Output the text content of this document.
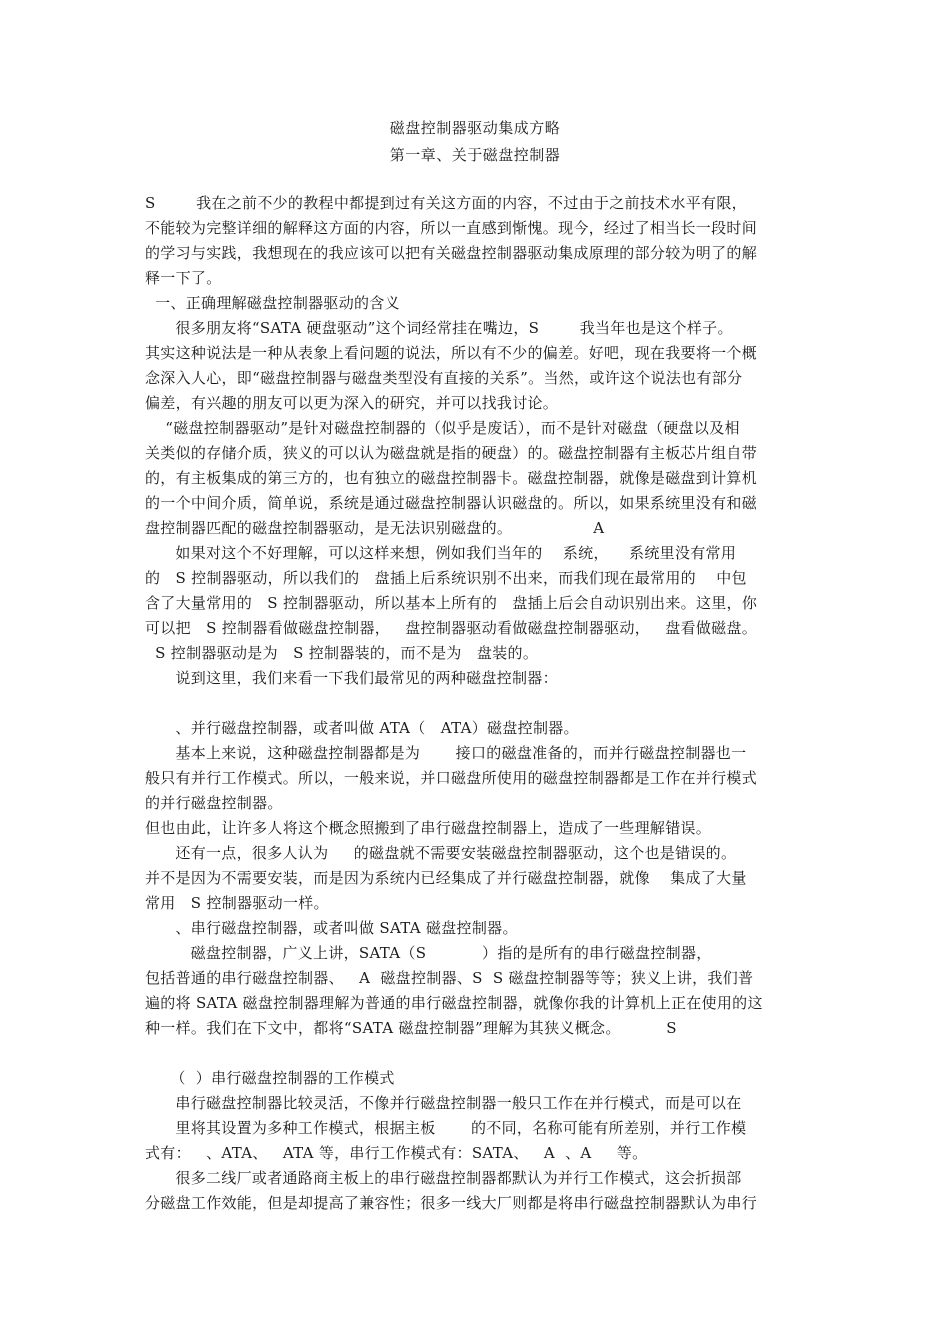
磁盘控制器驱动集成方略
第一章、关于磁盘控制器
S        我在之前不少的教程中都提到过有关这方面的内容，不过由于之前技术水平有限，
不能较为完整详细的解释这方面的内容，所以一直感到惭愧。现今，经过了相当长一段时间
的学习与实践，我想现在的我应该可以把有关磁盘控制器驱动集成原理的部分较为明了的解
释一下了。
一、正确理解磁盘控制器驱动的含义
很多朋友将“SATA 硬盘驱动”这个词经常挂在嘴边，S        我当年也是这个样子。
其实这种说法是一种从表象上看问题的说法，所以有不少的偏差。好吧，现在我要将一个概
念深入人心，即“磁盘控制器与磁盘类型没有直接的关系”。当然，或许这个说法也有部分
偏差，有兴趣的朋友可以更为深入的研究，并可以找我讨论。
“磁盘控制器驱动”是针对磁盘控制器的（似乎是废话），而不是针对磁盘（硬盘以及相
关类似的存储介质，狭义的可以认为磁盘就是指的硬盘）的。磁盘控制器有主板芯片组自带
的，有主板集成的第三方的，也有独立的磁盘控制器卡。磁盘控制器，就像是磁盘到计算机
的一个中间介质，简单说，系统是通过磁盘控制器认识磁盘的。所以，如果系统里没有和磁
盘控制器匹配的磁盘控制器驱动，是无法识别磁盘的。                A
如果对这个不好理解，可以这样来想，例如我们当年的    系统，    系统里没有常用
的   S 控制器驱动，所以我们的   盘插上后系统识别不出来，而我们现在最常用的    中包
含了大量常用的   S 控制器驱动，所以基本上所有的   盘插上后会自动识别出来。这里，你
可以把   S 控制器看做磁盘控制器，   盘控制器驱动看做磁盘控制器驱动，   盘看做磁盘。
S 控制器驱动是为   S 控制器装的，而不是为   盘装的。
说到这里，我们来看一下我们最常见的两种磁盘控制器：
、并行磁盘控制器，或者叫做 ATA（   ATA）磁盘控制器。
基本上来说，这种磁盘控制器都是为       接口的磁盘准备的，而并行磁盘控制器也一
般只有并行工作模式。所以，一般来说，并口磁盘所使用的磁盘控制器都是工作在并行模式
的并行磁盘控制器。
但也由此，让许多人将这个概念照搬到了串行磁盘控制器上，造成了一些理解错误。
还有一点，很多人认为     的磁盘就不需要安装磁盘控制器驱动，这个也是错误的。
并不是因为不需要安装，而是因为系统内已经集成了并行磁盘控制器，就像    集成了大量
常用   S 控制器驱动一样。
、串行磁盘控制器，或者叫做 SATA 磁盘控制器。
磁盘控制器，广义上讲，SATA（S           ）指的是所有的串行磁盘控制器，
包括普通的串行磁盘控制器、   A  磁盘控制器、S  S 磁盘控制器等等；狭义上讲，我们普
遍的将 SATA 磁盘控制器理解为普通的串行磁盘控制器，就像你我的计算机上正在使用的这
种一样。我们在下文中，都将“SATA 磁盘控制器”理解为其狭义概念。         S
（  ）串行磁盘控制器的工作模式
串行磁盘控制器比较灵活，不像并行磁盘控制器一般只工作在并行模式，而是可以在
里将其设置为多种工作模式，根据主板       的不同，名称可能有所差别，并行工作模
式有：   、ATA、   ATA 等，串行工作模式有：SATA、   A  、A     等。
很多二线厂或者通路商主板上的串行磁盘控制器都默认为并行工作模式，这会折损部
分磁盘工作效能，但是却提高了兼容性；很多一线大厂则都是将串行磁盘控制器默认为串行
